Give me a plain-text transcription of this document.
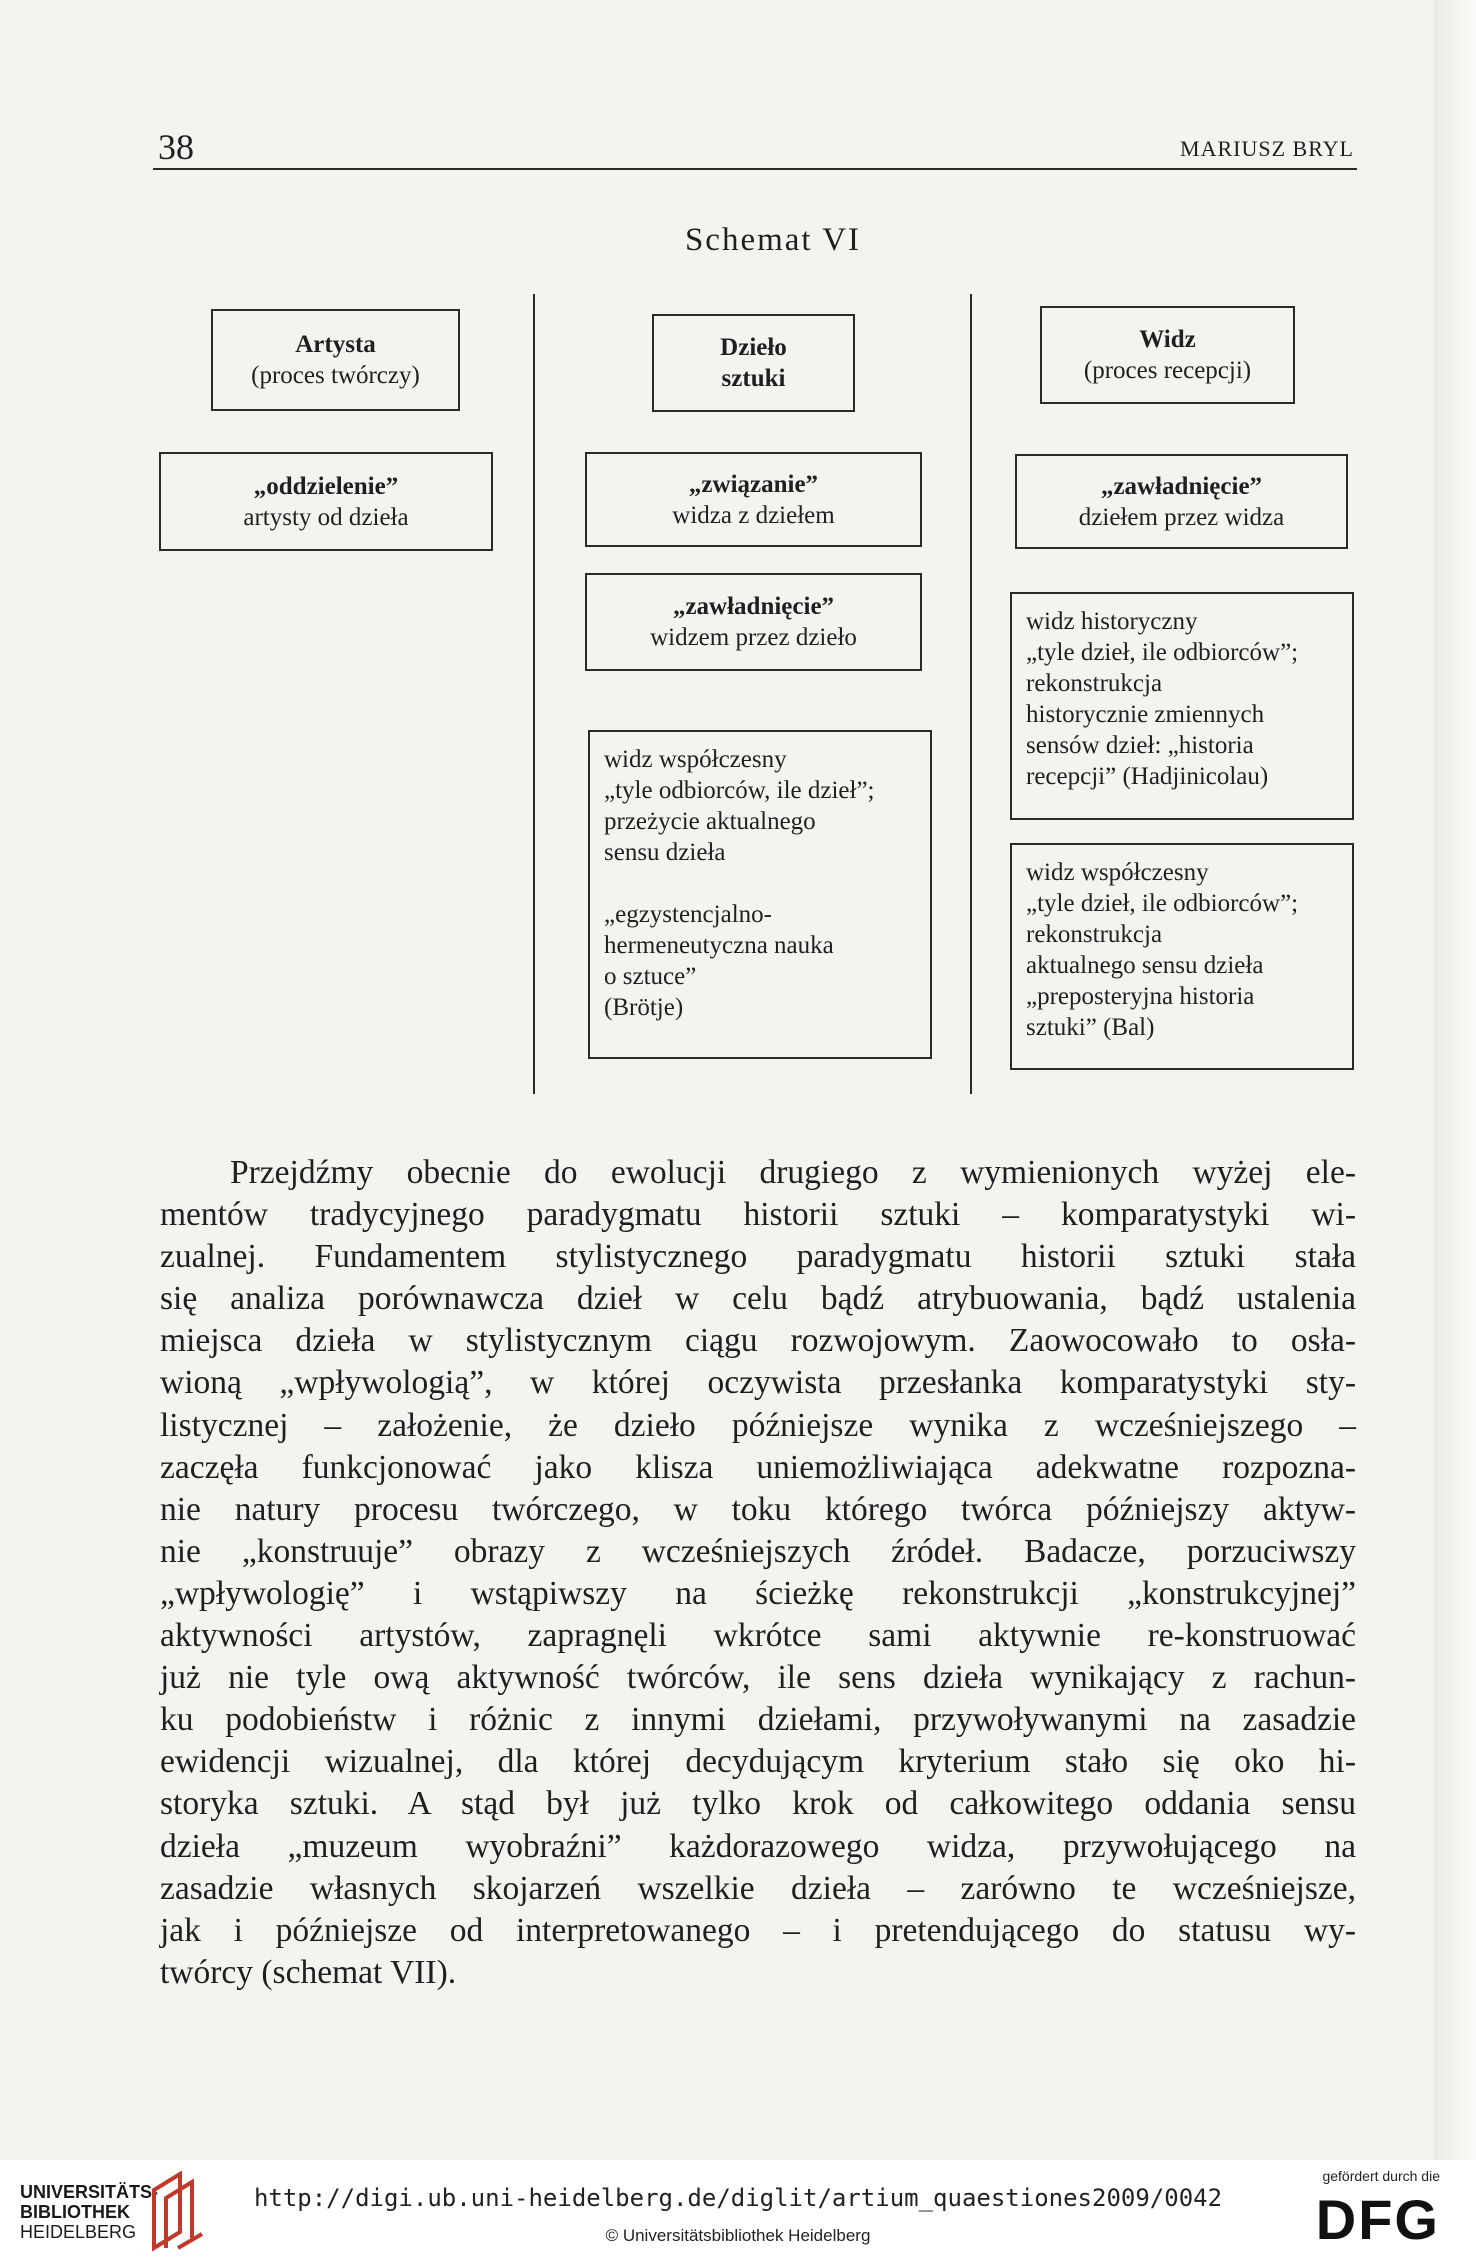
38	MARIUSZ BRYL
Schemat VI
Artysta
(proces twórczy)
„oddzielenie”
artysty od dzieła
Dzieło
sztuki
„związanie”
widza z dziełem
„zawładnięcie”
widzem przez dzieło
widz współczesny
„tyle odbiorców, ile dzieł”;
przeżycie aktualnego
sensu dzieła
„egzystencjalno-
hermeneutyczna nauka
o sztuce”
(Brötje)
Widz
(proces recepcji)
„zawładnięcie”
dziełem przez widza
widz historyczny
„tyle dzieł, ile odbiorców”;
rekonstrukcja
historycznie zmiennych
sensów dzieł: „historia
recepcji” (Hadjinicolau)
widz współczesny
„tyle dzieł, ile odbiorców”;
rekonstrukcja
aktualnego sensu dzieła
„preposteryjna historia
sztuki” (Bal)
Przejdźmy obecnie do ewolucji drugiego z wymienionych wyżej ele-
mentów tradycyjnego paradygmatu historii sztuki – komparatystyki wi-
zualnej. Fundamentem stylistycznego paradygmatu historii sztuki stała
się analiza porównawcza dzieł w celu bądź atrybuowania, bądź ustalenia
miejsca dzieła w stylistycznym ciągu rozwojowym. Zaowocowało to osła-
wioną „wpływologią”, w której oczywista przesłanka komparatystyki sty-
listycznej – założenie, że dzieło późniejsze wynika z wcześniejszego –
zaczęła funkcjonować jako klisza uniemożliwiająca adekwatne rozpozna-
nie natury procesu twórczego, w toku którego twórca późniejszy aktyw-
nie „konstruuje” obrazy z wcześniejszych źródeł. Badacze, porzuciwszy
„wpływologię” i wstąpiwszy na ścieżkę rekonstrukcji „konstrukcyjnej”
aktywności artystów, zapragnęli wkrótce sami aktywnie re-konstruować
już nie tyle ową aktywność twórców, ile sens dzieła wynikający z rachun-
ku podobieństw i różnic z innymi dziełami, przywoływanymi na zasadzie
ewidencji wizualnej, dla której decydującym kryterium stało się oko hi-
storyka sztuki. A stąd był już tylko krok od całkowitego oddania sensu
dzieła „muzeum wyobraźni” każdorazowego widza, przywołującego na
zasadzie własnych skojarzeń wszelkie dzieła – zarówno te wcześniejsze,
jak i późniejsze od interpretowanego – i pretendującego do statusu wy-
twórcy (schemat VII).
UNIVERSITÄTS-
BIBLIOTHEK
HEIDELBERG
http://digi.ub.uni-heidelberg.de/diglit/artium_quaestiones2009/0042
© Universitätsbibliothek Heidelberg
gefördert durch die
DFG
